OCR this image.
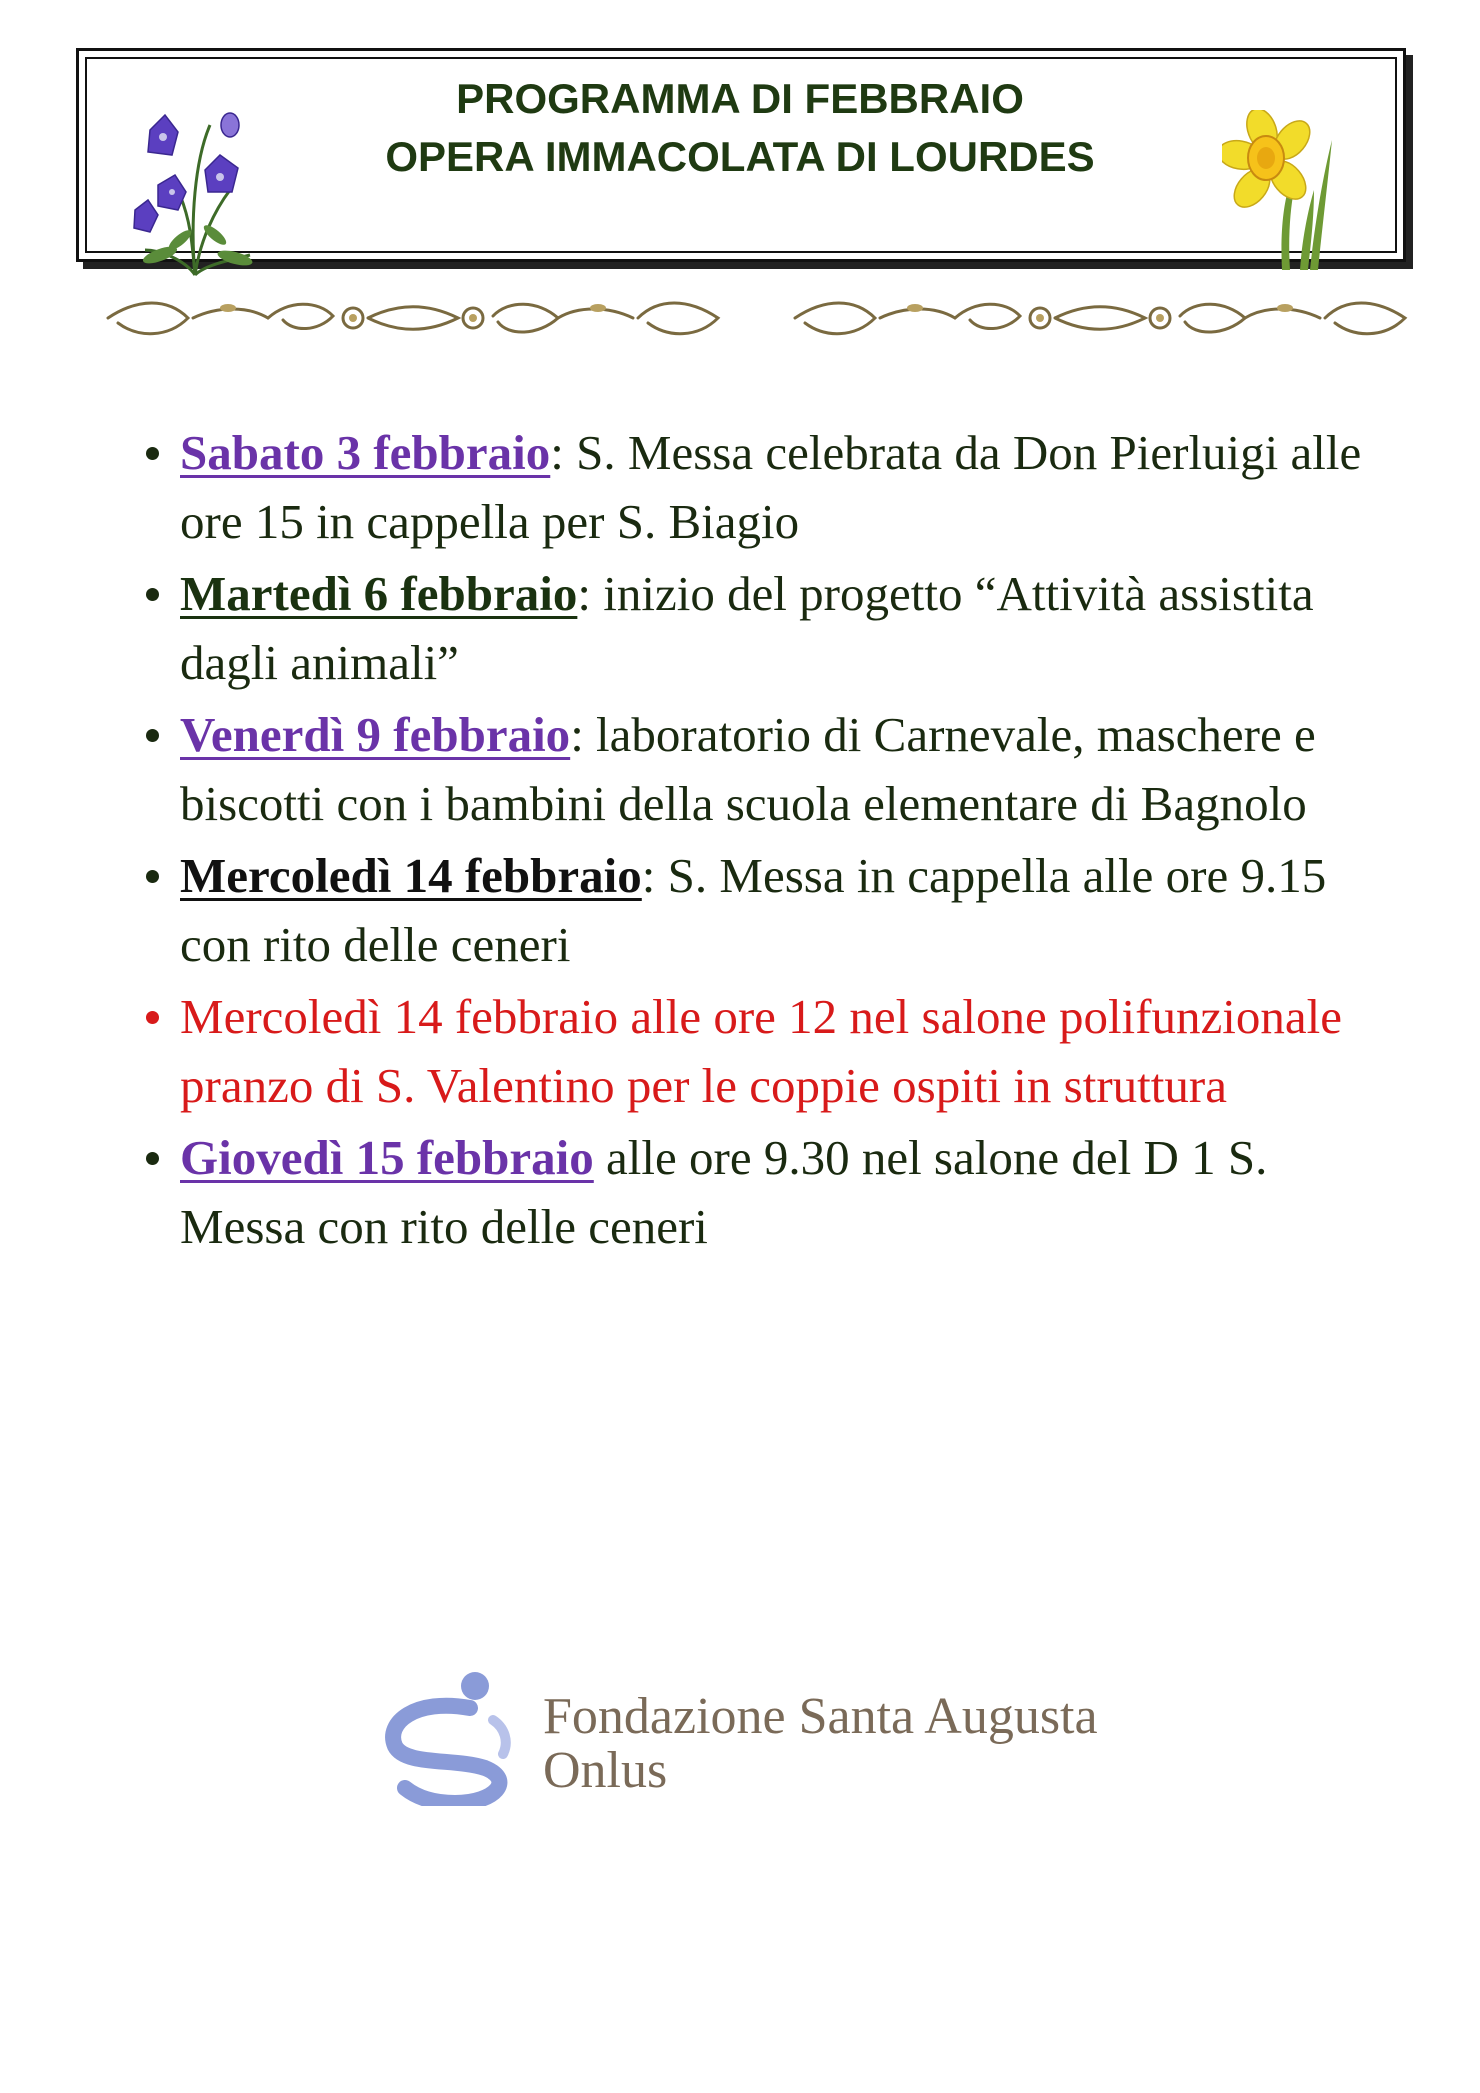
PROGRAMMA DI FEBBRAIO
OPERA IMMACOLATA DI LOURDES
Sabato 3 febbraio: S. Messa celebrata da Don Pierluigi alle ore 15 in cappella per S. Biagio
Martedì 6 febbraio: inizio del progetto “Attività assistita dagli animali”
Venerdì 9 febbraio: laboratorio di Carnevale, maschere e biscotti con i bambini della scuola elementare di Bagnolo
Mercoledì 14 febbraio: S. Messa in cappella alle ore 9.15 con rito delle ceneri
Mercoledì 14 febbraio alle ore 12 nel salone polifunzionale pranzo di S. Valentino per le coppie ospiti in struttura
Giovedì 15 febbraio alle ore 9.30 nel salone del D 1 S. Messa con rito delle ceneri
Fondazione Santa Augusta
Onlus
